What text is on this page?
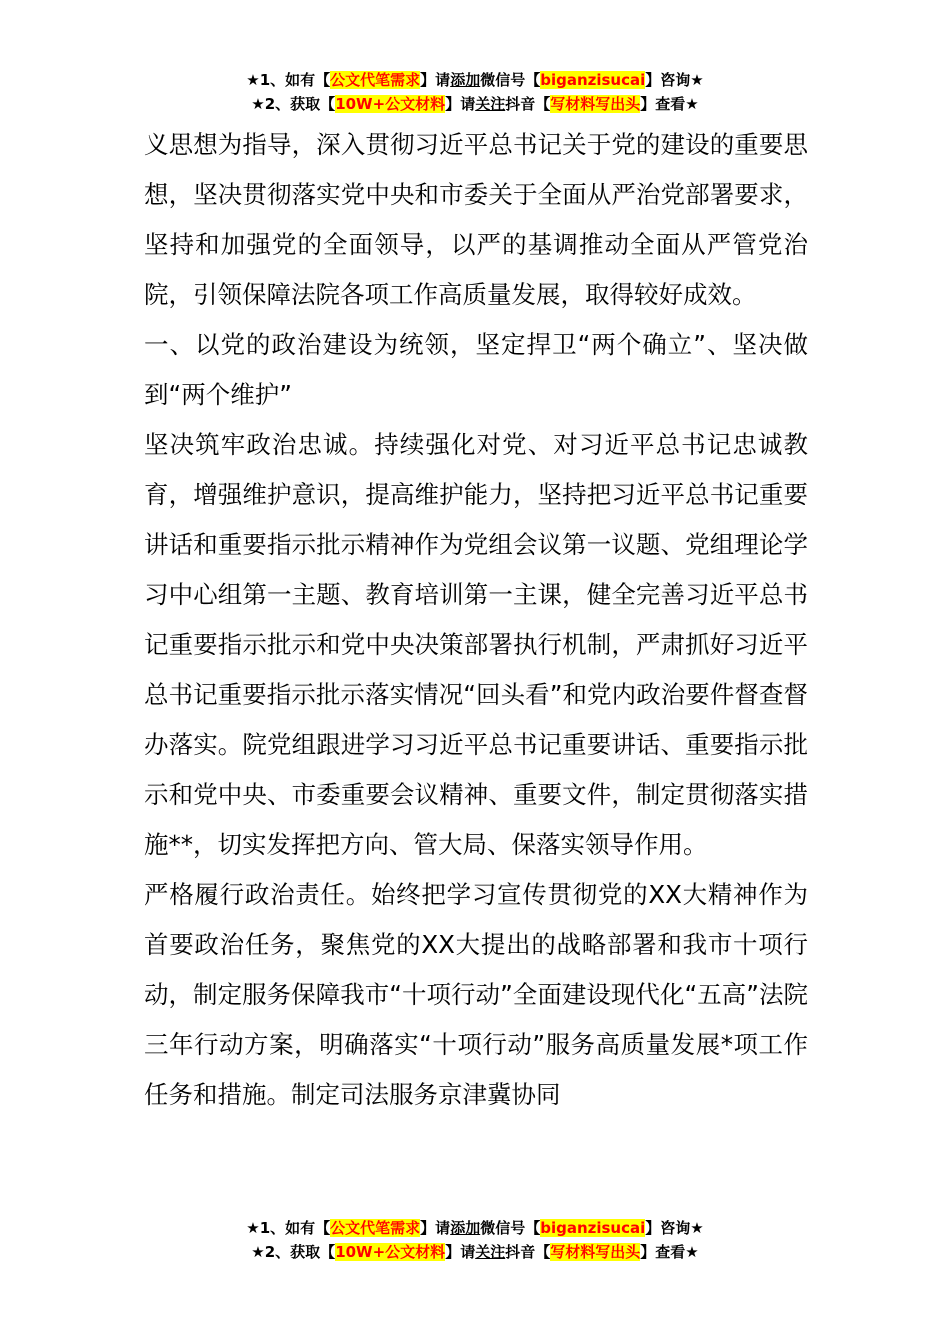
★1、如有【公文代笔需求】请添加微信号【biganzisucai】咨询★
★2、获取【10W+公文材料】请关注抖音【写材料写出头】查看★

义思想为指导，深入贯彻习近平总书记关于党的建设的重要思想，坚决贯彻落实党中央和市委关于全面从严治党部署要求，坚持和加强党的全面领导，以严的基调推动全面从严管党治院，引领保障法院各项工作高质量发展，取得较好成效。

一、以党的政治建设为统领，坚定捍卫“两个确立”、坚决做到“两个维护”

坚决筑牢政治忠诚。持续强化对党、对习近平总书记忠诚教育，增强维护意识，提高维护能力，坚持把习近平总书记重要讲话和重要指示批示精神作为党组会议第一议题、党组理论学习中心组第一主题、教育培训第一主课，健全完善习近平总书记重要指示批示和党中央决策部署执行机制，严肃抓好习近平总书记重要指示批示落实情况“回头看”和党内政治要件督查督办落实。院党组跟进学习习近平总书记重要讲话、重要指示批示和党中央、市委重要会议精神、重要文件，制定贯彻落实措施**，切实发挥把方向、管大局、保落实领导作用。

严格履行政治责任。始终把学习宣传贯彻党的XX大精神作为首要政治任务，聚焦党的XX大提出的战略部署和我市十项行动，制定服务保障我市“十项行动”全面建设现代化“五高”法院三年行动方案，明确落实“十项行动”服务高质量发展*项工作任务和措施。制定司法服务京津冀协同

★1、如有【公文代笔需求】请添加微信号【biganzisucai】咨询★
★2、获取【10W+公文材料】请关注抖音【写材料写出头】查看★
